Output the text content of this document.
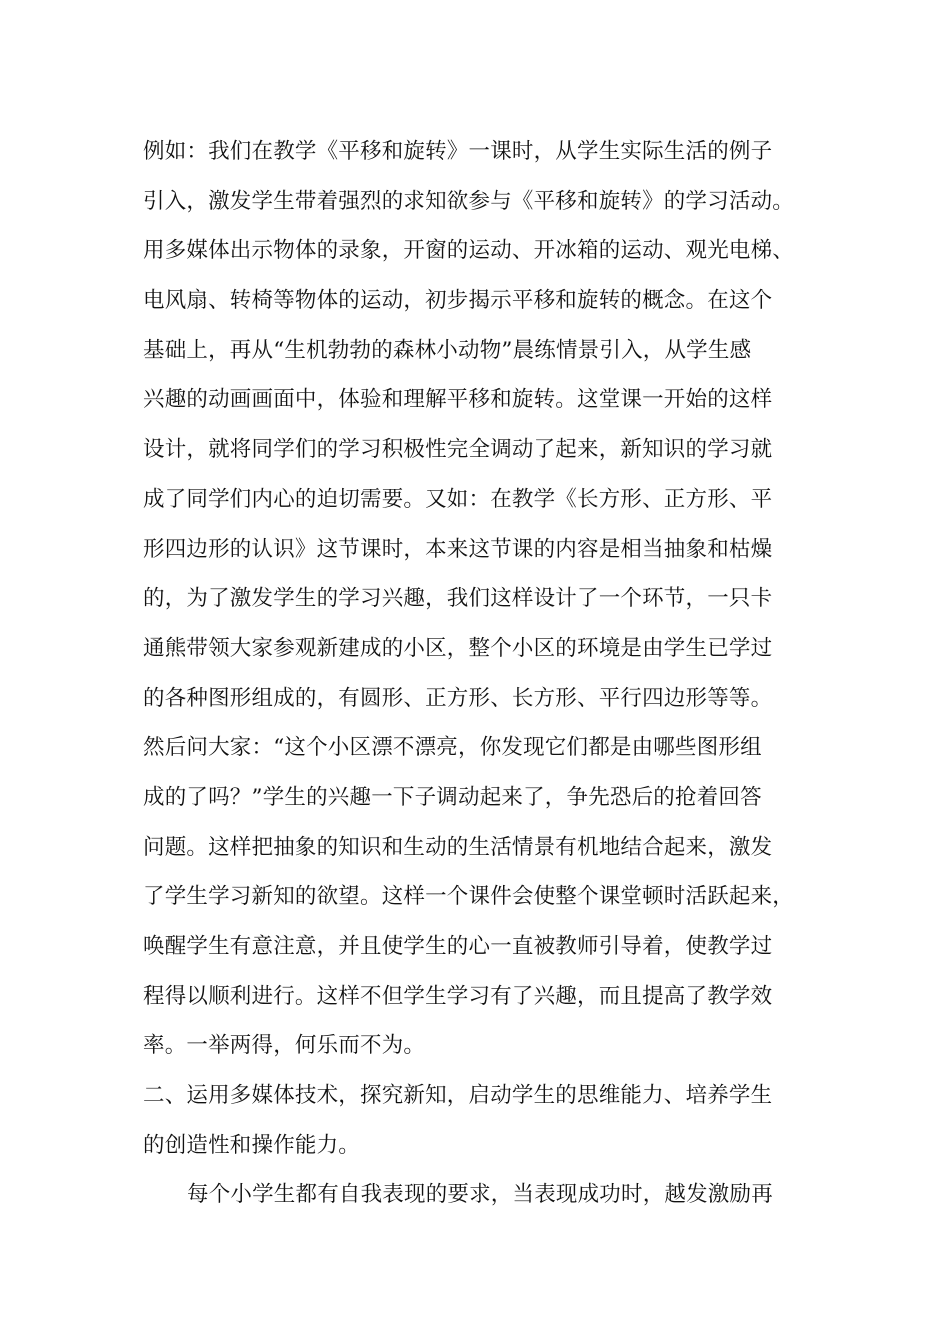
例如：我们在教学《平移和旋转》一课时，从学生实际生活的例子
引入，激发学生带着强烈的求知欲参与《平移和旋转》的学习活动。
用多媒体出示物体的录象，开窗的运动、开冰箱的运动、观光电梯、
电风扇、转椅等物体的运动，初步揭示平移和旋转的概念。在这个
基础上，再从“生机勃勃的森林小动物”晨练情景引入，从学生感
兴趣的动画画面中，体验和理解平移和旋转。这堂课一开始的这样
设计，就将同学们的学习积极性完全调动了起来，新知识的学习就
成了同学们内心的迫切需要。又如：在教学《长方形、正方形、平
形四边形的认识》这节课时，本来这节课的内容是相当抽象和枯燥
的，为了激发学生的学习兴趣，我们这样设计了一个环节，一只卡
通熊带领大家参观新建成的小区，整个小区的环境是由学生已学过
的各种图形组成的，有圆形、正方形、长方形、平行四边形等等。
然后问大家：“这个小区漂不漂亮，你发现它们都是由哪些图形组
成的了吗？”学生的兴趣一下子调动起来了，争先恐后的抢着回答
问题。这样把抽象的知识和生动的生活情景有机地结合起来，激发
了学生学习新知的欲望。这样一个课件会使整个课堂顿时活跃起来，
唤醒学生有意注意，并且使学生的心一直被教师引导着，使教学过
程得以顺利进行。这样不但学生学习有了兴趣，而且提高了教学效
率。一举两得，何乐而不为。
二、运用多媒体技术，探究新知，启动学生的思维能力、培养学生
的创造性和操作能力。
每个小学生都有自我表现的要求，当表现成功时，越发激励再
